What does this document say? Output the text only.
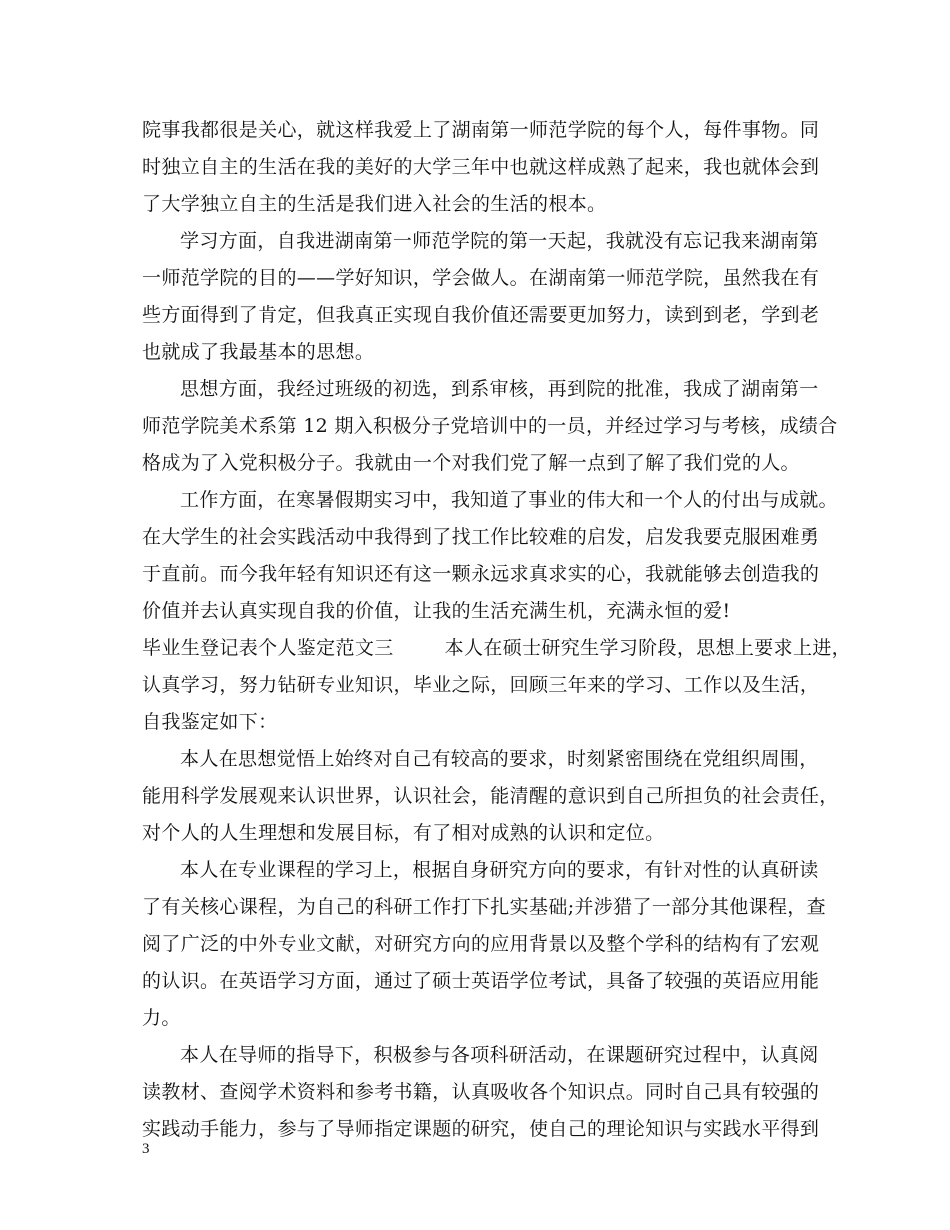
院事我都很是关心，就这样我爱上了湖南第一师范学院的每个人，每件事物。同
时独立自主的生活在我的美好的大学三年中也就这样成熟了起来，我也就体会到
了大学独立自主的生活是我们进入社会的生活的根本。
学习方面，自我进湖南第一师范学院的第一天起，我就没有忘记我来湖南第
一师范学院的目的——学好知识，学会做人。在湖南第一师范学院，虽然我在有
些方面得到了肯定，但我真正实现自我价值还需要更加努力，读到到老，学到老
也就成了我最基本的思想。
思想方面，我经过班级的初选，到系审核，再到院的批准，我成了湖南第一
师范学院美术系第 12 期入积极分子党培训中的一员，并经过学习与考核，成绩合
格成为了入党积极分子。我就由一个对我们党了解一点到了解了我们党的人。
工作方面，在寒暑假期实习中，我知道了事业的伟大和一个人的付出与成就。
在大学生的社会实践活动中我得到了找工作比较难的启发，启发我要克服困难勇
于直前。而今我年轻有知识还有这一颗永远求真求实的心，我就能够去创造我的
价值并去认真实现自我的价值，让我的生活充满生机，充满永恒的爱!
毕业生登记表个人鉴定范文三        本人在硕士研究生学习阶段，思想上要求上进，
认真学习，努力钻研专业知识，毕业之际，回顾三年来的学习、工作以及生活，
自我鉴定如下：
本人在思想觉悟上始终对自己有较高的要求，时刻紧密围绕在党组织周围，
能用科学发展观来认识世界，认识社会，能清醒的意识到自己所担负的社会责任，
对个人的人生理想和发展目标，有了相对成熟的认识和定位。
本人在专业课程的学习上，根据自身研究方向的要求，有针对性的认真研读
了有关核心课程，为自己的科研工作打下扎实基础;并涉猎了一部分其他课程，查
阅了广泛的中外专业文献，对研究方向的应用背景以及整个学科的结构有了宏观
的认识。在英语学习方面，通过了硕士英语学位考试，具备了较强的英语应用能
力。
本人在导师的指导下，积极参与各项科研活动，在课题研究过程中，认真阅
读教材、查阅学术资料和参考书籍，认真吸收各个知识点。同时自己具有较强的
实践动手能力，参与了导师指定课题的研究，使自己的理论知识与实践水平得到
3
